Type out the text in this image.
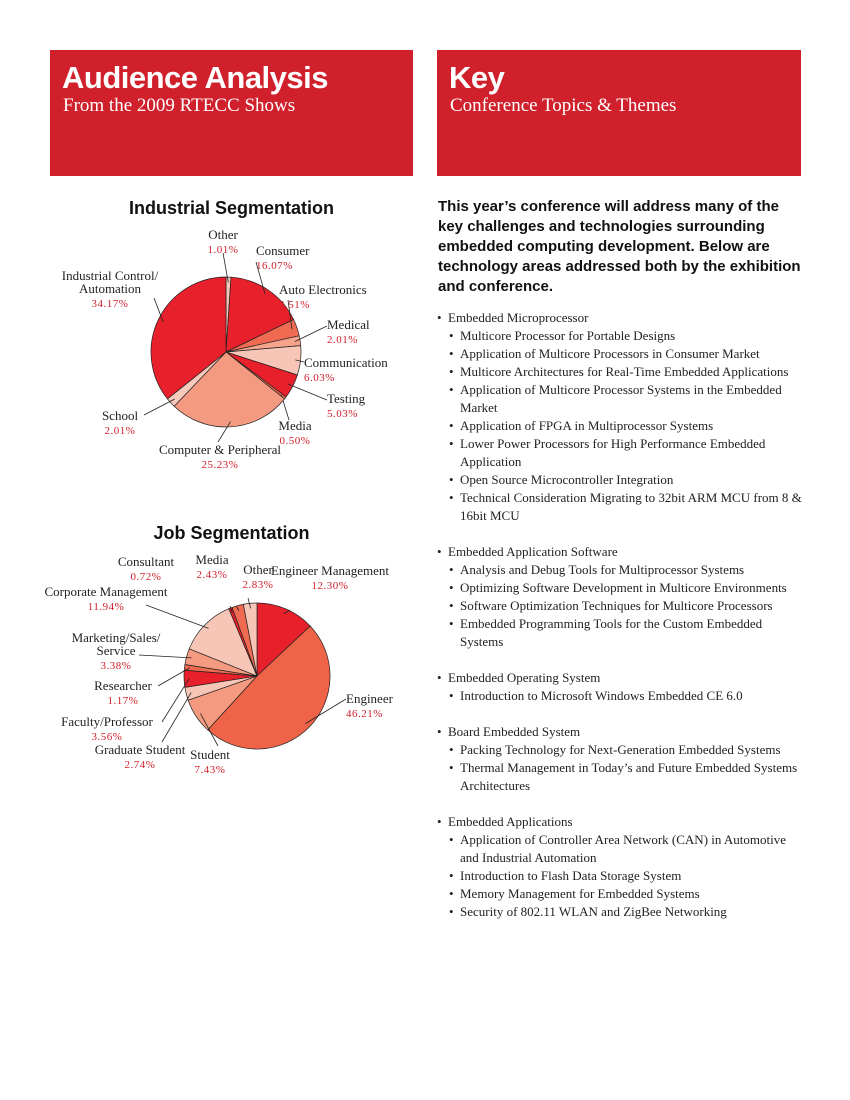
Audience Analysis
From the 2009 RTECC Shows
Key
Conference Topics & Themes
Industrial Segmentation
Other
1.01% Consumer
16.07%
Auto Electronics
3.51%
Medical
2.01%
Communication
6.03%
Testing
5.03%
Media
0.50%
Computer & Peripheral
25.23%
School
2.01%
Industrial Control/
Automation
34.17%
Job Segmentation
Engineer Management
12.30%
Engineer
46.21%
Student
7.43%
Graduate Student
2.74%
Faculty/Professor
3.56%
Researcher
1.17%
Marketing/Sales/
Service
3.38%
Corporate Management
11.94%
Consultant
0.72%
Media
2.43% Other
2.83%

This year’s conference will address many of the key challenges and technologies surrounding embedded computing development. Below are technology areas addressed both by the exhibition and conference.

• Embedded Microprocessor
• Multicore Processor for Portable Designs
• Application of Multicore Processors in Consumer Market
• Multicore Architectures for Real-Time Embedded Applications
• Application of Multicore Processor Systems in the Embedded Market
• Application of FPGA in Multiprocessor Systems
• Lower Power Processors for High Performance Embedded Application
• Open Source Microcontroller Integration
• Technical Consideration Migrating to 32bit ARM MCU from 8 & 16bit MCU
• Embedded Application Software
• Analysis and Debug Tools for Multiprocessor Systems
• Optimizing Software Development in Multicore Environments
• Software Optimization Techniques for Multicore Processors
• Embedded Programming Tools for the Custom Embedded Systems
• Embedded Operating System
• Introduction to Microsoft Windows Embedded CE 6.0
• Board Embedded System
• Packing Technology for Next-Generation Embedded Systems
• Thermal Management in Today’s and Future Embedded Systems Architectures
• Embedded Applications
• Application of Controller Area Network (CAN) in Automotive and Industrial Automation
• Introduction to Flash Data Storage System
• Memory Management for Embedded Systems
• Security of 802.11 WLAN and ZigBee Networking
